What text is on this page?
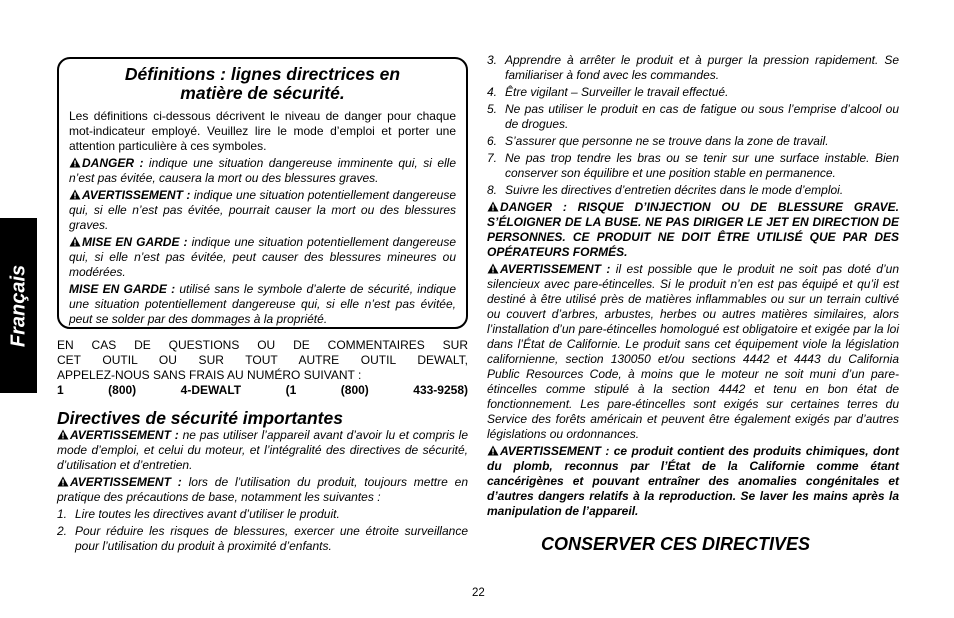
Français
Définitions : lignes directrices en
matière de sécurité.

Les définitions ci-dessous décrivent le niveau de danger pour chaque mot-indicateur employé. Veuillez lire le mode d’emploi et porter une attention particulière à ces symboles.

DANGER : indique une situation dangereuse imminente qui, si elle n’est pas évitée, causera la mort ou des blessures graves.

AVERTISSEMENT : indique une situation potentiellement dangereuse qui, si elle n’est pas évitée, pourrait causer la mort ou des blessures graves.

MISE EN GARDE : indique une situation potentiellement dangereuse qui, si elle n’est pas évitée, peut causer des blessures mineures ou modérées.

MISE EN GARDE : utilisé sans le symbole d’alerte de sécurité, indique une situation potentiellement dangereuse qui, si elle n’est pas évitée, peut se solder par des dommages à la propriété.

EN CAS DE QUESTIONS OU DE COMMENTAIRES SUR

CET OUTIL OU SUR TOUT AUTRE OUTIL DEWALT,

APPELEZ-NOUS SANS FRAIS AU NUMÉRO SUIVANT :

1 (800) 4-DEWALT (1 (800) 433-9258)

Directives de sécurité importantes

AVERTISSEMENT : ne pas utiliser l’appareil avant d’avoir lu et compris le mode d’emploi, et celui du moteur, et l’intégralité des directives de sécurité, d’utilisation et d’entretien.

AVERTISSEMENT : lors de l’utilisation du produit, toujours mettre en pratique des précautions de base, notamment les suivantes :

1. Lire toutes les directives avant d’utiliser le produit.
2. Pour réduire les risques de blessures, exercer une étroite surveillance pour l’utilisation du produit à proximité d’enfants.
3. Apprendre à arrêter le produit et à purger la pression rapidement. Se familiariser à fond avec les commandes.
4. Être vigilant – Surveiller le travail effectué.
5. Ne pas utiliser le produit en cas de fatigue ou sous l’emprise d’alcool ou de drogues.
6. S’assurer que personne ne se trouve dans la zone de travail.
7. Ne pas trop tendre les bras ou se tenir sur une surface instable. Bien conserver son équilibre et une position stable en permanence.
8. Suivre les directives d’entretien décrites dans le mode d’emploi.

DANGER : RISQUE D’INJECTION OU DE BLESSURE GRAVE. S’ÉLOIGNER DE LA BUSE. NE PAS DIRIGER LE JET EN DIRECTION DE PERSONNES. CE PRODUIT NE DOIT ÊTRE UTILISÉ QUE PAR DES OPÉRATEURS FORMÉS.

AVERTISSEMENT : il est possible que le produit ne soit pas doté d’un silencieux avec pare-étincelles. Si le produit n’en est pas équipé et qu’il est destiné à être utilisé près de matières inflammables ou sur un terrain cultivé ou couvert d’arbres, arbustes, herbes ou autres matières similaires, alors l’installation d’un pare-étincelles homologué est obligatoire et exigée par la loi dans l’État de Californie. Le produit sans cet équipement viole la législation californienne, section 130050 et/ou sections 4442 et 4443 du California Public Resources Code, à moins que le moteur ne soit muni d’un pare-étincelles comme stipulé à la section 4442 et tenu en bon état de fonctionnement. Les pare-étincelles sont exigés sur certaines terres du Service des forêts américain et peuvent être également exigés par d’autres législations ou ordonnances.

AVERTISSEMENT : ce produit contient des produits chimiques, dont du plomb, reconnus par l’État de la Californie comme étant cancérigènes et pouvant entraîner des anomalies congénitales et d’autres dangers relatifs à la reproduction. Se laver les mains après la manipulation de l’appareil.

CONSERVER CES DIRECTIVES
22
